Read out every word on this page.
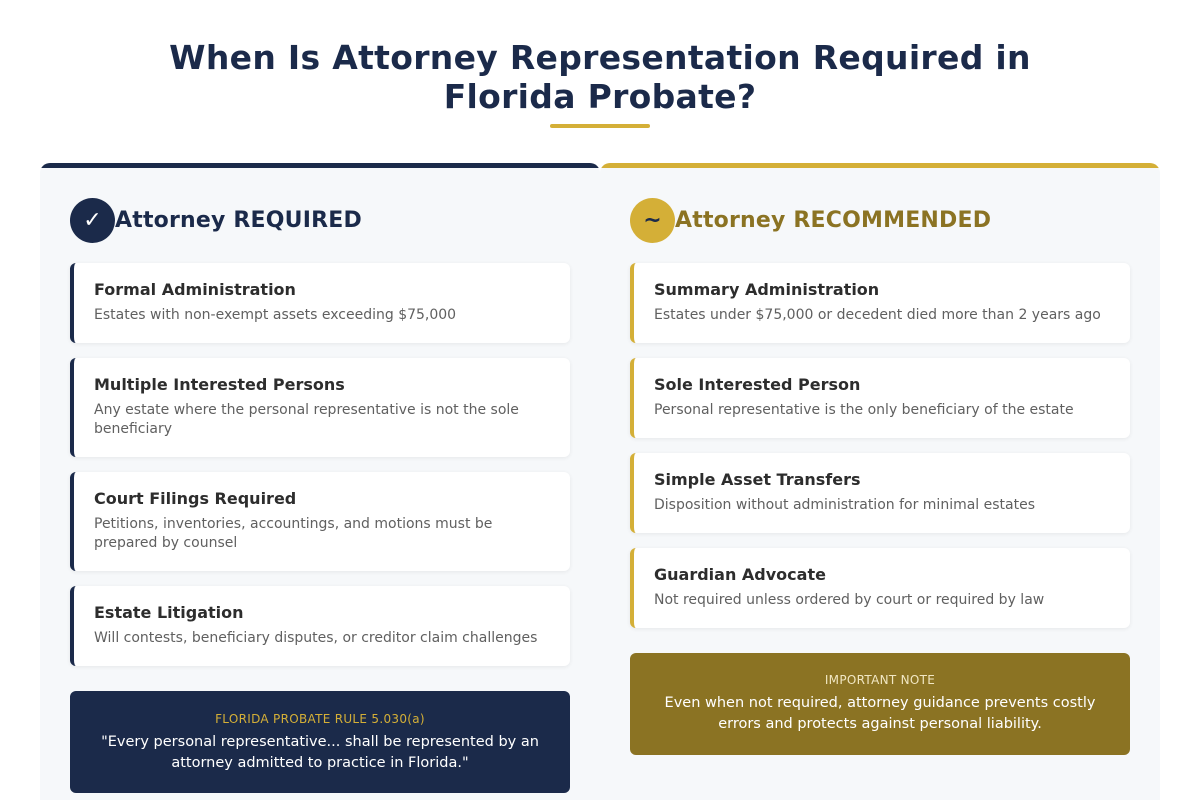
When Is Attorney Representation Required in Florida Probate?
✓ Attorney REQUIRED
Formal Administration
Estates with non-exempt assets exceeding $75,000
Multiple Interested Persons
Any estate where the personal representative is not the sole beneficiary
Court Filings Required
Petitions, inventories, accountings, and motions must be prepared by counsel
Estate Litigation
Will contests, beneficiary disputes, or creditor claim challenges
FLORIDA PROBATE RULE 5.030(a)
"Every personal representative... shall be represented by an attorney admitted to practice in Florida."
~ Attorney RECOMMENDED
Summary Administration
Estates under $75,000 or decedent died more than 2 years ago
Sole Interested Person
Personal representative is the only beneficiary of the estate
Simple Asset Transfers
Disposition without administration for minimal estates
Guardian Advocate
Not required unless ordered by court or required by law
IMPORTANT NOTE
Even when not required, attorney guidance prevents costly errors and protects against personal liability.
